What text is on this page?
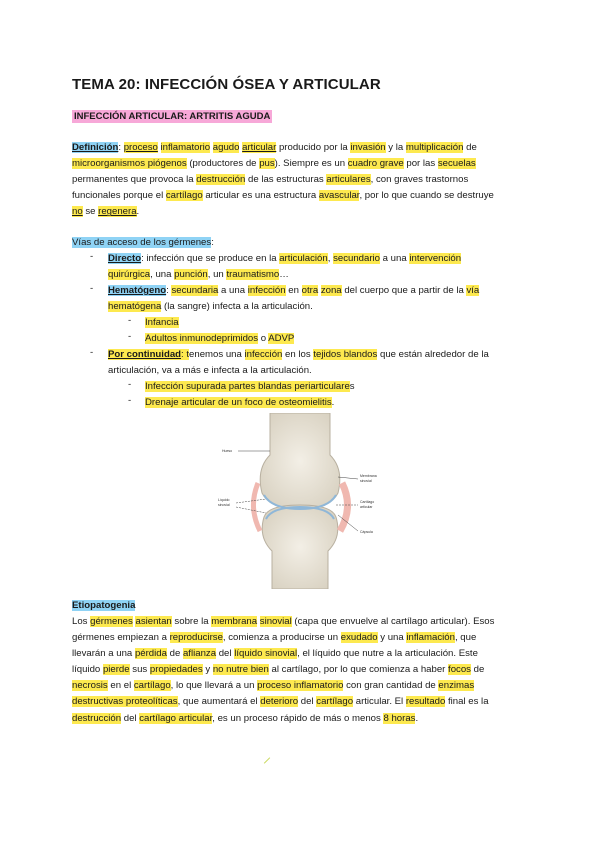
TEMA 20: INFECCIÓN ÓSEA Y ARTICULAR
INFECCIÓN ARTICULAR: ARTRITIS AGUDA

Definición: proceso inflamatorio agudo articular producido por la invasión y la multiplicación de

microorganismos piógenos (productores de pus). Siempre es un cuadro grave por las secuelas

permanentes que provoca la destrucción de las estructuras articulares, con graves trastornos

funcionales porque el cartílago articular es una estructura avascular, por lo que cuando se destruye

no se regenera.

Vías de acceso de los gérmenes:

-	Directo: infección que se produce en la articulación, secundario a una intervención
quirúrgica, una punción, un traumatismo…
-	Hematógeno: secundaria a una infección en otra zona del cuerpo que a partir de la vía
hematógena (la sangre) infecta a la articulación.
-	Infancia
-	Adultos inmunodeprimidos o ADVP
-	Por continuidad: tenemos una infección en los tejidos blandos que están alrededor de la
articulación, va a más e infecta a la articulación.
-	Infección supurada partes blandas periarticulares
-	Drenaje articular de un foco de osteomielitis.
Hueso
Líquido
sinovial
Membrana
sinovial
Cartílago
articular
Cápsula

Etiopatogenia

Los gérmenes asientan sobre la membrana sinovial (capa que envuelve al cartílago articular). Esos

gérmenes empiezan a reproducirse, comienza a producirse un exudado y una inflamación, que

llevarán a una pérdida de aflianza del líquido sinovial, el líquido que nutre a la articulación. Este

líquido pierde sus propiedades y no nutre bien al cartílago, por lo que comienza a haber focos de

necrosis en el cartílago, lo que llevará a un proceso inflamatorio con gran cantidad de enzimas

destructivas proteolíticas, que aumentará el deterioro del cartílago articular. El resultado final es la

destrucción del cartílago articular, es un proceso rápido de más o menos 8 horas.
